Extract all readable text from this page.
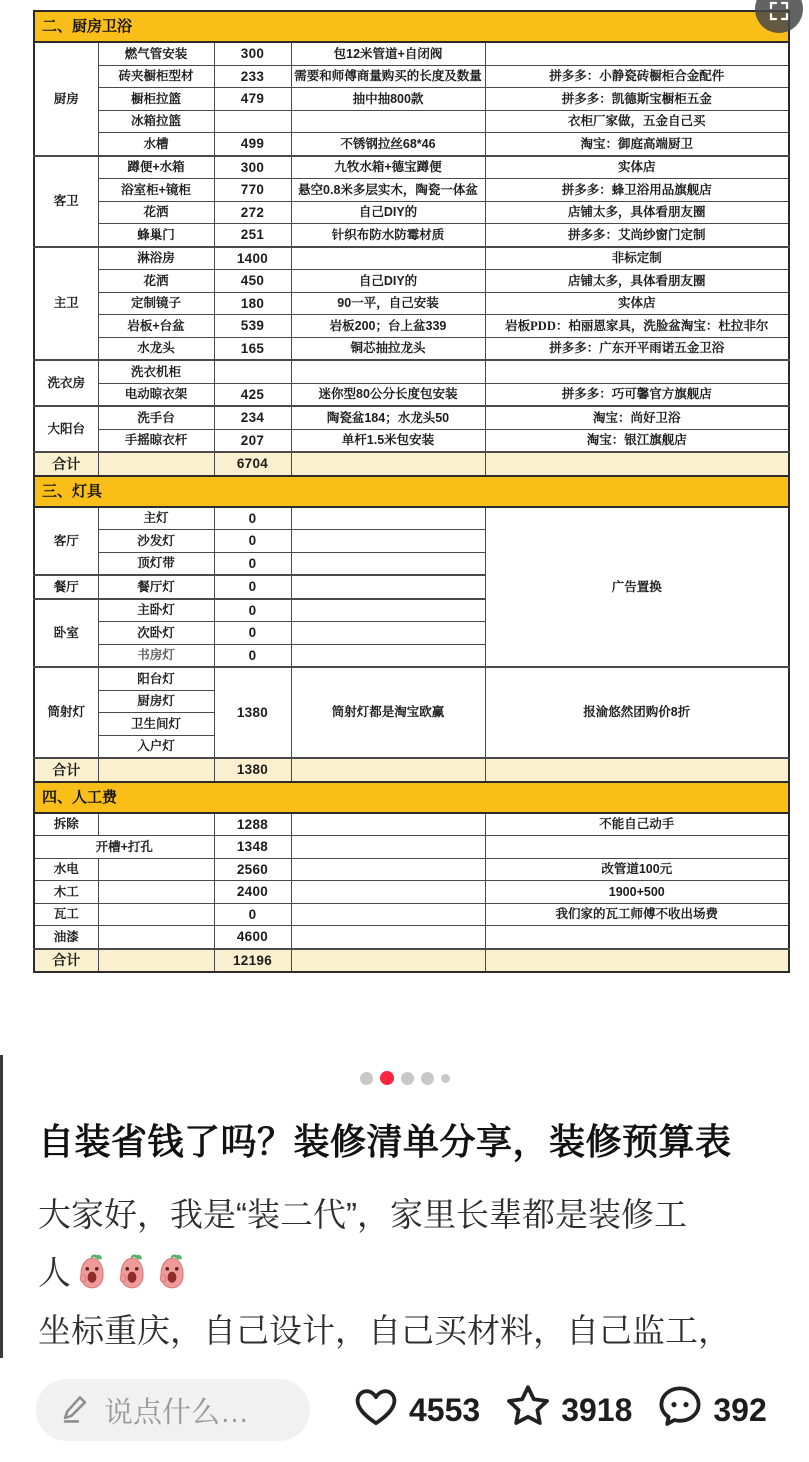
二、厨房卫浴				
厨房	燃气管安装	300	包12米管道+自闭阀	
	砖夹橱柜型材	233	需要和师傅商量购买的长度及数量	拼多多：小静瓷砖橱柜合金配件
	橱柜拉篮	479	抽中抽800款	拼多多：凯德斯宝橱柜五金
	冰箱拉篮			衣柜厂家做，五金自己买
	水槽	499	不锈钢拉丝68*46	淘宝：御庭高端厨卫
客卫	蹲便+水箱	300	九牧水箱+德宝蹲便	实体店
	浴室柜+镜柜	770	悬空0.8米多层实木，陶瓷一体盆	拼多多：蜂卫浴用品旗舰店
	花洒	272	自己DIY的	店铺太多，具体看朋友圈
	蜂巢门	251	针织布防水防霉材质	拼多多：艾尚纱窗门定制
主卫	淋浴房	1400		非标定制
	花洒	450	自己DIY的	店铺太多，具体看朋友圈
	定制镜子	180	90一平，自己安装	实体店
	岩板+台盆	539	岩板200；台上盆339	岩板PDD：柏丽恩家具，洗脸盆淘宝：杜拉非尔
	水龙头	165	铜芯抽拉龙头	拼多多：广东开平雨诺五金卫浴
洗衣房	洗衣机柜			
	电动晾衣架	425	迷你型80公分长度包安装	拼多多：巧可馨官方旗舰店
大阳台	洗手台	234	陶瓷盆184；水龙头50	淘宝：尚好卫浴
	手摇晾衣杆	207	单杆1.5米包安装	淘宝：银江旗舰店
合计		6704		
三、灯具				
客厅	主灯	0		广告置换
	沙发灯	0		
	顶灯带	0		
餐厅	餐厅灯	0		
卧室	主卧灯	0		
	次卧灯	0		
	书房灯	0		
筒射灯	阳台灯	1380	筒射灯都是淘宝欧赢	报渝悠然团购价8折
	厨房灯			
	卫生间灯			
	入户灯			
合计		1380		
四、人工费				
拆除		1288		不能自己动手
开槽+打孔		1348		
水电		2560		改管道100元
木工		2400		1900+500
瓦工		0		我们家的瓦工师傅不收出场费
油漆		4600		
合计		12196		
自装省钱了吗？装修清单分享，装修预算表
大家好，我是“装二代”，家里长辈都是装修工
人
坐标重庆，自己设计，自己买材料，自己监工，
说点什么…	4553	3918	392
